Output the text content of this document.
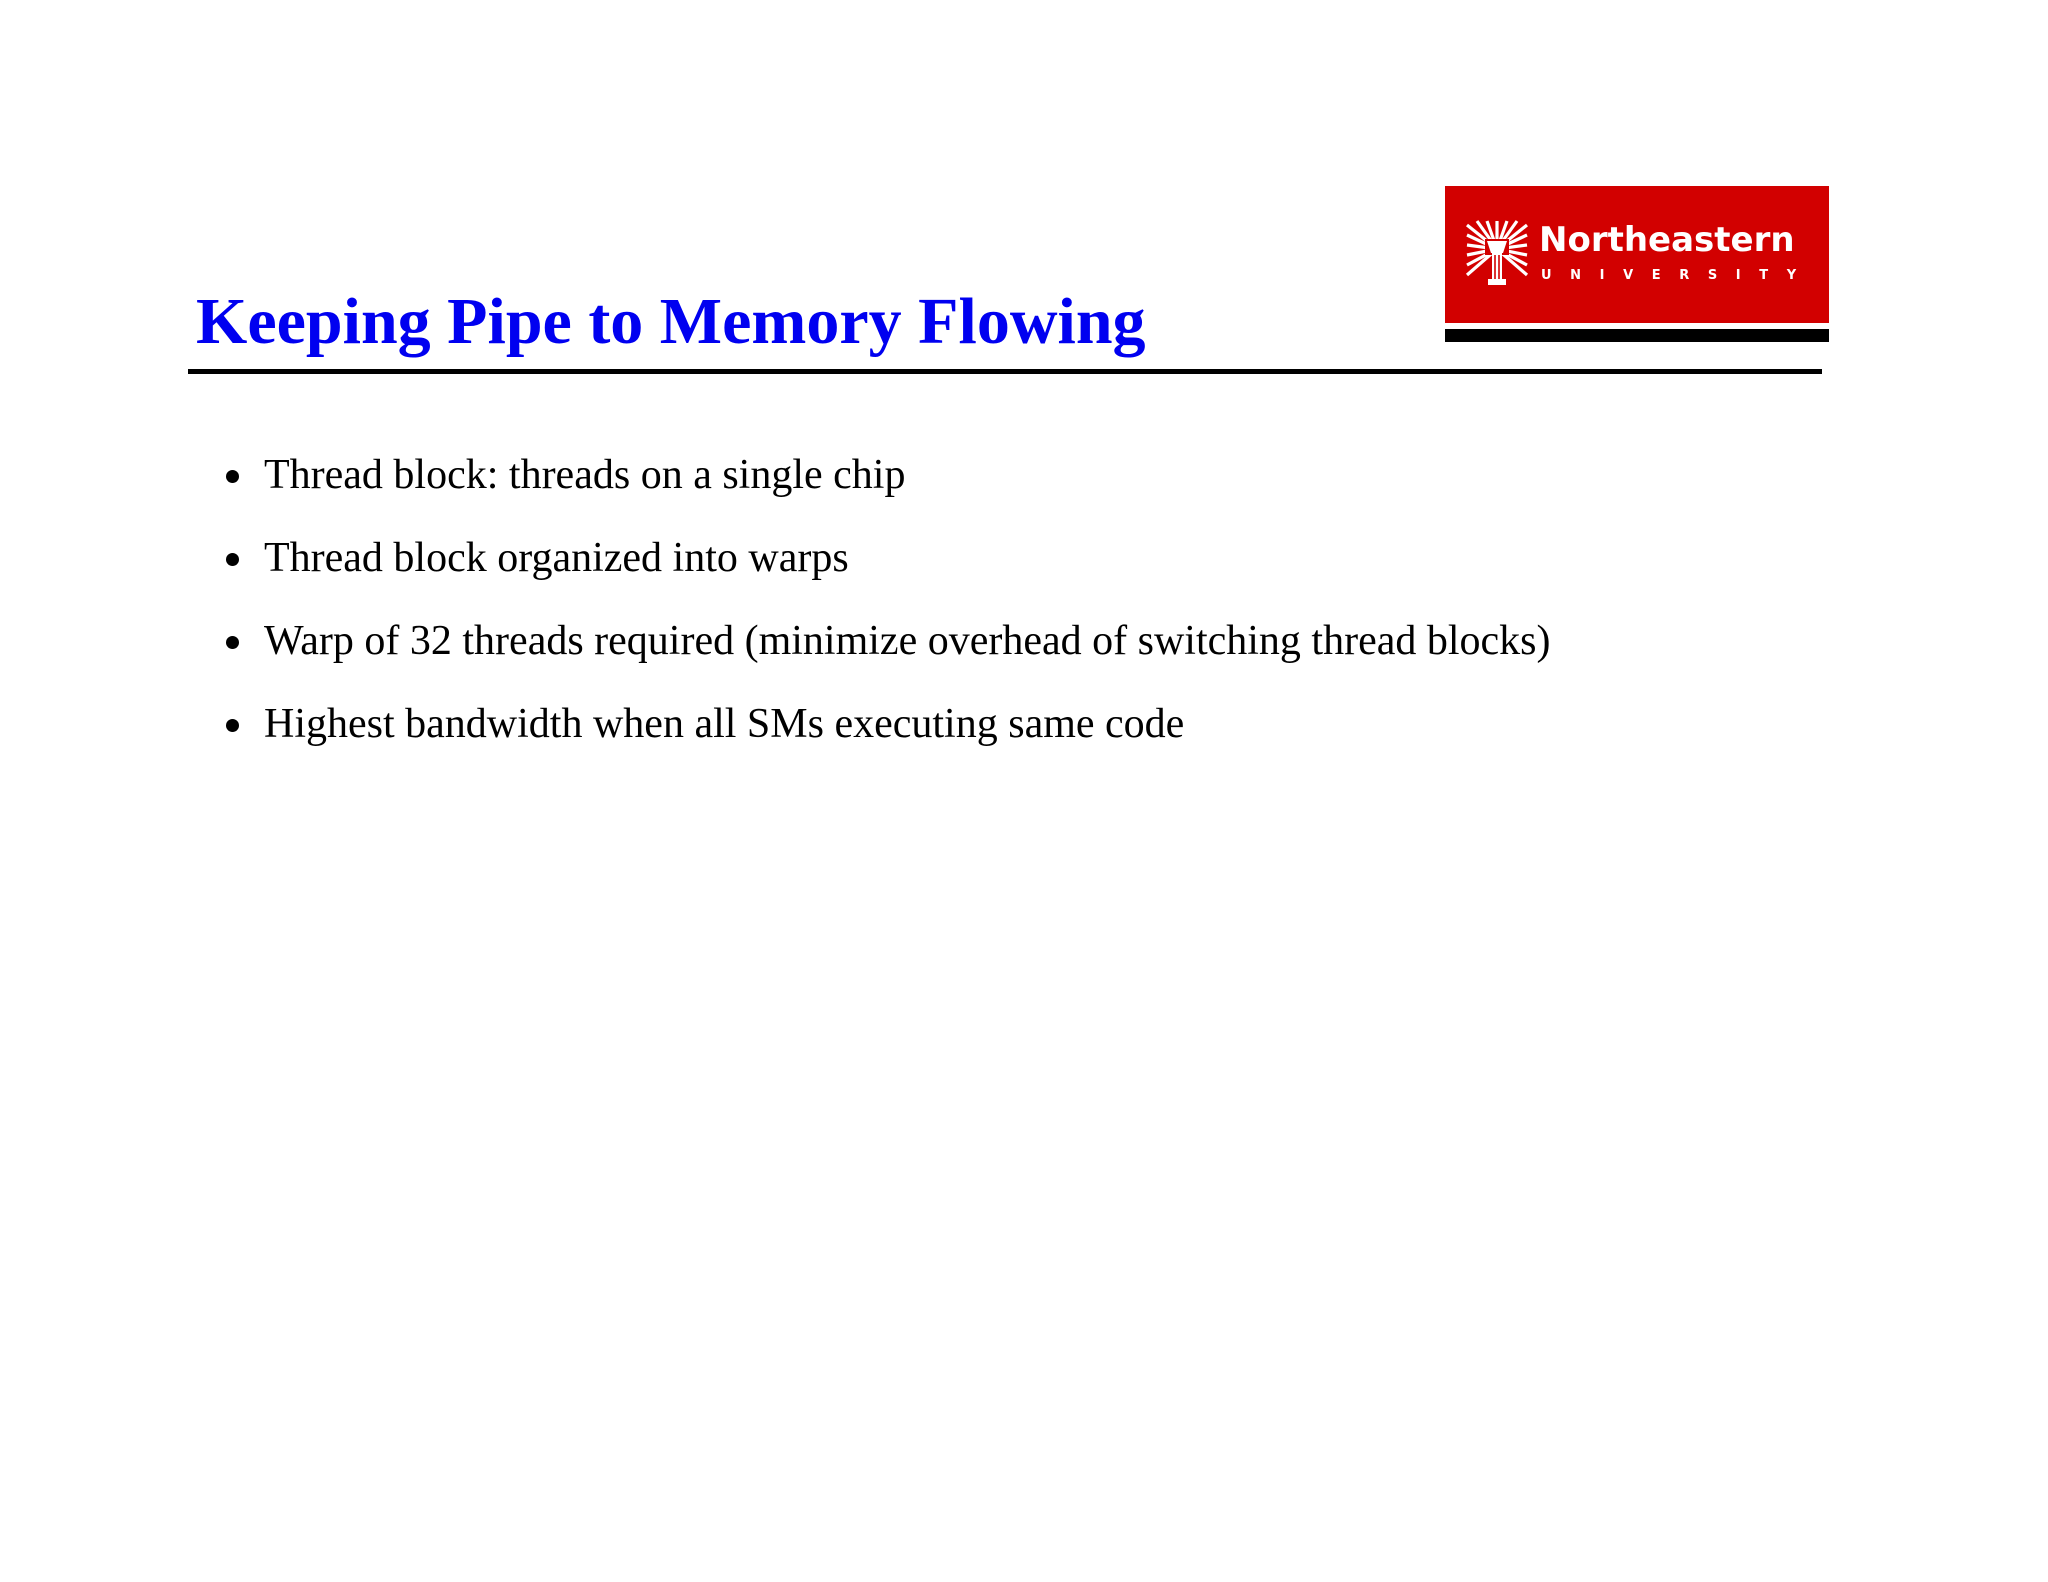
Keeping Pipe to Memory Flowing
Northeastern
UNIVERSITY
Thread block: threads on a single chip
Thread block organized into warps
Warp of 32 threads required (minimize overhead of switching thread blocks)
Highest bandwidth when all SMs executing same code
